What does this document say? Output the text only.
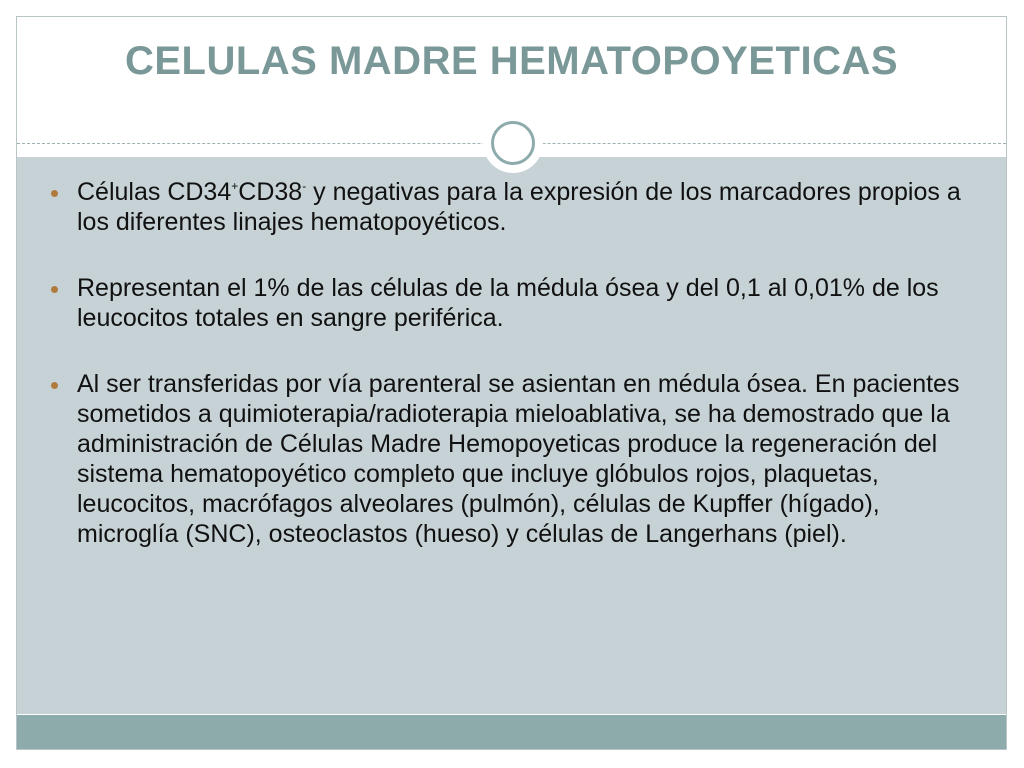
CELULAS MADRE HEMATOPOYETICAS
Células CD34+CD38- y negativas para la expresión de los marcadores propios a los diferentes linajes hematopoyéticos.
Representan el 1% de las células de la médula ósea y del 0,1 al 0,01% de los leucocitos totales en sangre periférica.
Al ser transferidas por vía parenteral se asientan en médula ósea. En pacientes sometidos a quimioterapia/radioterapia mieloablativa, se ha demostrado que la administración de Células Madre Hemopoyeticas produce la regeneración del sistema hematopoyético completo que incluye glóbulos rojos, plaquetas, leucocitos, macrófagos alveolares (pulmón), células de Kupffer (hígado), microglía (SNC), osteoclastos (hueso) y células de Langerhans (piel).
